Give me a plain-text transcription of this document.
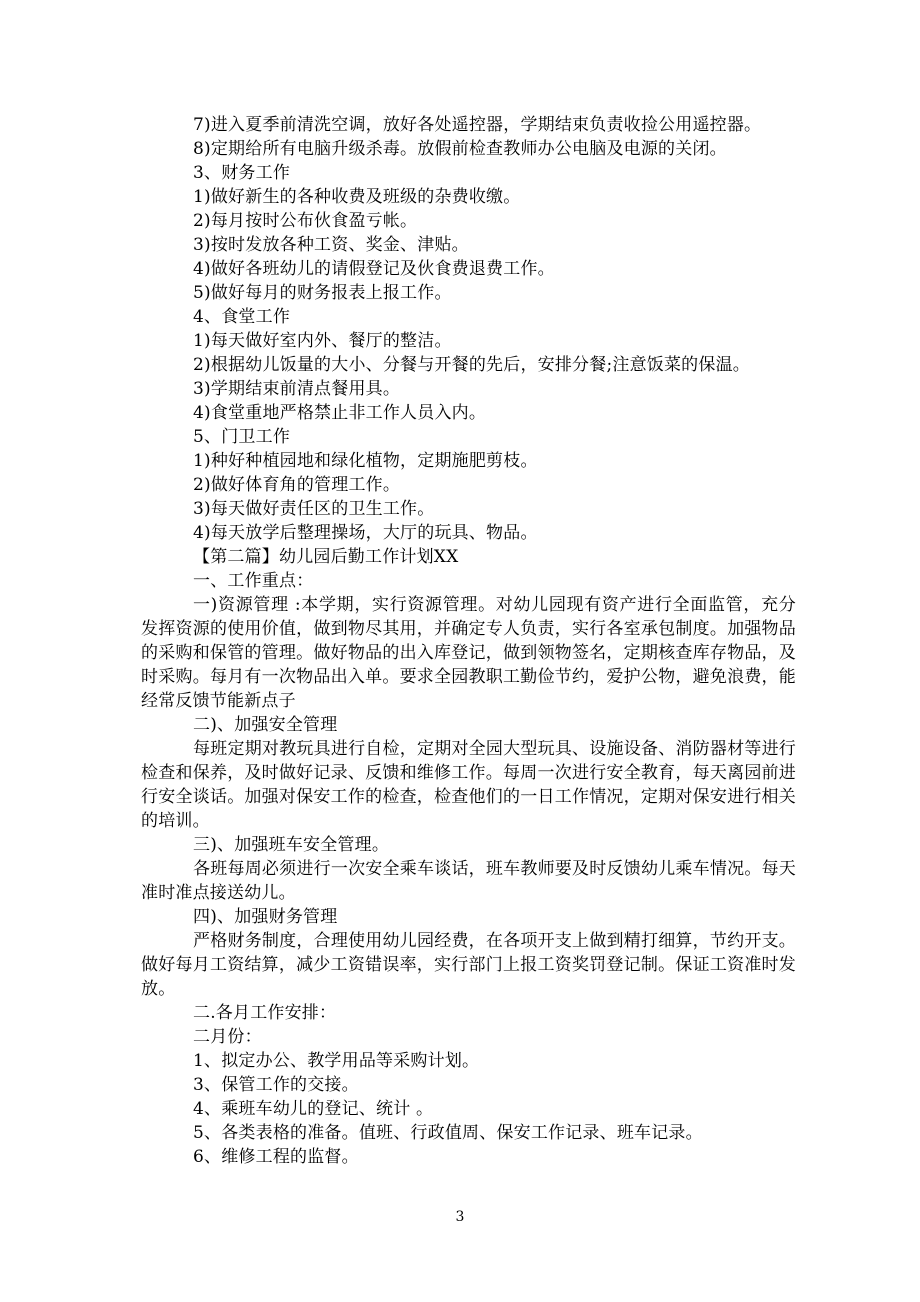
7)进入夏季前清洗空调，放好各处遥控器，学期结束负责收捡公用遥控器。
8)定期给所有电脑升级杀毒。放假前检查教师办公电脑及电源的关闭。
3、财务工作
1)做好新生的各种收费及班级的杂费收缴。
2)每月按时公布伙食盈亏帐。
3)按时发放各种工资、奖金、津贴。
4)做好各班幼儿的请假登记及伙食费退费工作。
5)做好每月的财务报表上报工作。
4、食堂工作
1)每天做好室内外、餐厅的整洁。
2)根据幼儿饭量的大小、分餐与开餐的先后，安排分餐;注意饭菜的保温。
3)学期结束前清点餐用具。
4)食堂重地严格禁止非工作人员入内。
5、门卫工作
1)种好种植园地和绿化植物，定期施肥剪枝。
2)做好体育角的管理工作。
3)每天做好责任区的卫生工作。
4)每天放学后整理操场，大厅的玩具、物品。
【第二篇】幼儿园后勤工作计划XX
一、工作重点：
一)资源管理 :本学期，实行资源管理。对幼儿园现有资产进行全面监管，充分发挥资源的使用价值，做到物尽其用，并确定专人负责，实行各室承包制度。加强物品的采购和保管的管理。做好物品的出入库登记，做到领物签名，定期核查库存物品，及时采购。每月有一次物品出入单。要求全园教职工勤俭节约，爱护公物，避免浪费，能经常反馈节能新点子
二)、加强安全管理
每班定期对教玩具进行自检，定期对全园大型玩具、设施设备、消防器材等进行检查和保养，及时做好记录、反馈和维修工作。每周一次进行安全教育，每天离园前进行安全谈话。加强对保安工作的检查，检查他们的一日工作情况，定期对保安进行相关的培训。
三)、加强班车安全管理。
各班每周必须进行一次安全乘车谈话，班车教师要及时反馈幼儿乘车情况。每天准时准点接送幼儿。
四)、加强财务管理
严格财务制度，合理使用幼儿园经费，在各项开支上做到精打细算，节约开支。做好每月工资结算，减少工资错误率，实行部门上报工资奖罚登记制。保证工资准时发放。
二.各月工作安排：
二月份：
1、拟定办公、教学用品等采购计划。
3、保管工作的交接。
4、乘班车幼儿的登记、统计 。
5、各类表格的准备。值班、行政值周、保安工作记录、班车记录。
6、维修工程的监督。
3
